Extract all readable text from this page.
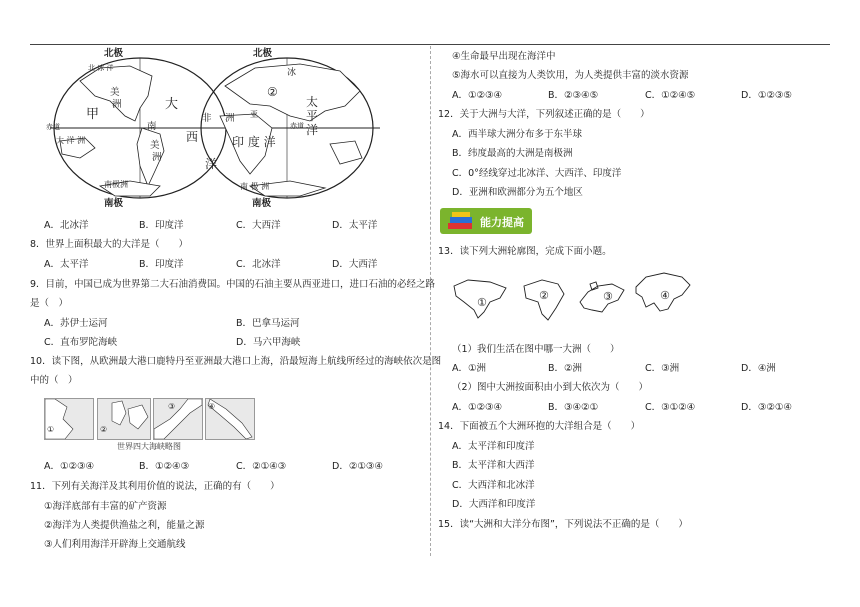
北极	北极
北 冰 洋
甲
美
洲
南
美
洲
赤道
大 洋 洲
南极洲
南极	南极
大
②
非 洲
西
洋
印 度 洋
太
平
洋
亚
冰
南 极 洲
赤道
A．北冰洋	B．印度洋	C．大西洋	D．太平洋
8．世界上面积最大的大洋是（　　）
A．太平洋	B．印度洋	C．北冰洋	D．大西洋
9．目前，中国已成为世界第二大石油消费国。中国的石油主要从西亚进口，进口石油的必经之路
是（　）
A．苏伊士运河	B．巴拿马运河
C．直布罗陀海峡	D．马六甲海峡
10．读下图，从欧洲最大港口鹿特丹至亚洲最大港口上海，沿最短海上航线所经过的海峡依次是图
中的（　）
①	②
③	④
世界四大海峡略图
A．①②③④	B．①②④③	C．②①④③	D．②①③④
11．下列有关海洋及其利用价值的说法，正确的有（　　）
①海洋底部有丰富的矿产资源
②海洋为人类提供渔盐之利，能量之源
③人们利用海洋开辟海上交通航线
④生命最早出现在海洋中
⑤海水可以直接为人类饮用，为人类提供丰富的淡水资源
A．①②③④	B．②③④⑤	C．①②④⑤	D．①②③⑤
12．关于大洲与大洋，下列叙述正确的是（　　）
A．西半球大洲分布多于东半球
B．纬度最高的大洲是南极洲
C．0°经线穿过北冰洋、大西洋、印度洋
D．亚洲和欧洲都分为五个地区
能力提高
13．读下列大洲轮廓图，完成下面小题。
①
②	③	④
（1）我们生活在图中哪一大洲（　　）
A．①洲	B．②洲	C．③洲	D．④洲
（2）图中大洲按面积由小到大依次为（　　）
A．①②③④	B．③④②①	C．③①②④	D．③②①④
14．下面被五个大洲环抱的大洋组合是（　　）
A．太平洋和印度洋
B．太平洋和大西洋
C．大西洋和北冰洋
D．大西洋和印度洋
15．读“大洲和大洋分布图”，下列说法不正确的是（　　）
